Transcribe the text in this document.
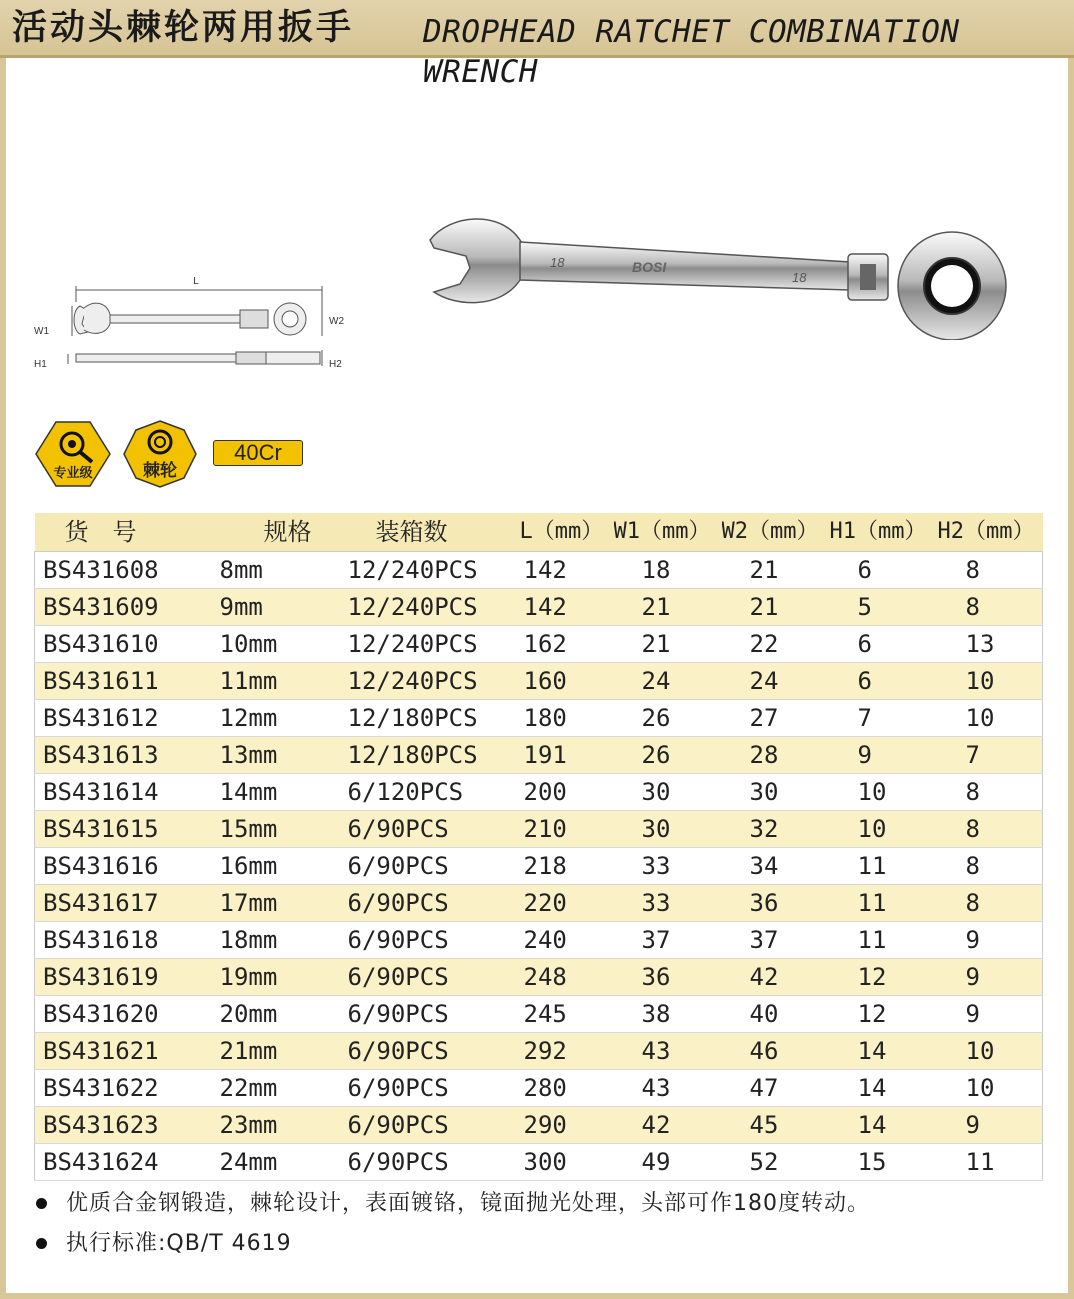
活动头棘轮两用扳手 DROPHEAD RATCHET COMBINATION WRENCH
L
W1
W2
H1	H2
18	BOSI
18
专业级	棘轮
40Cr
货　号	规格	装箱数	L（mm）	W1（mm）	W2（mm）	H1（mm）	H2（mm）
BS431608	8mm	12/240PCS	142	18	21	6	8
BS431609	9mm	12/240PCS	142	21	21	5	8
BS431610	10mm	12/240PCS	162	21	22	6	13
BS431611	11mm	12/240PCS	160	24	24	6	10
BS431612	12mm	12/180PCS	180	26	27	7	10
BS431613	13mm	12/180PCS	191	26	28	9	7
BS431614	14mm	6/120PCS	200	30	30	10	8
BS431615	15mm	6/90PCS	210	30	32	10	8
BS431616	16mm	6/90PCS	218	33	34	11	8
BS431617	17mm	6/90PCS	220	33	36	11	8
BS431618	18mm	6/90PCS	240	37	37	11	9
BS431619	19mm	6/90PCS	248	36	42	12	9
BS431620	20mm	6/90PCS	245	38	40	12	9
BS431621	21mm	6/90PCS	292	43	46	14	10
BS431622	22mm	6/90PCS	280	43	47	14	10
BS431623	23mm	6/90PCS	290	42	45	14	9
BS431624	24mm	6/90PCS	300	49	52	15	11
优质合金钢锻造，棘轮设计，表面镀铬，镜面抛光处理，头部可作180度转动。
执行标准:QB/T 4619
